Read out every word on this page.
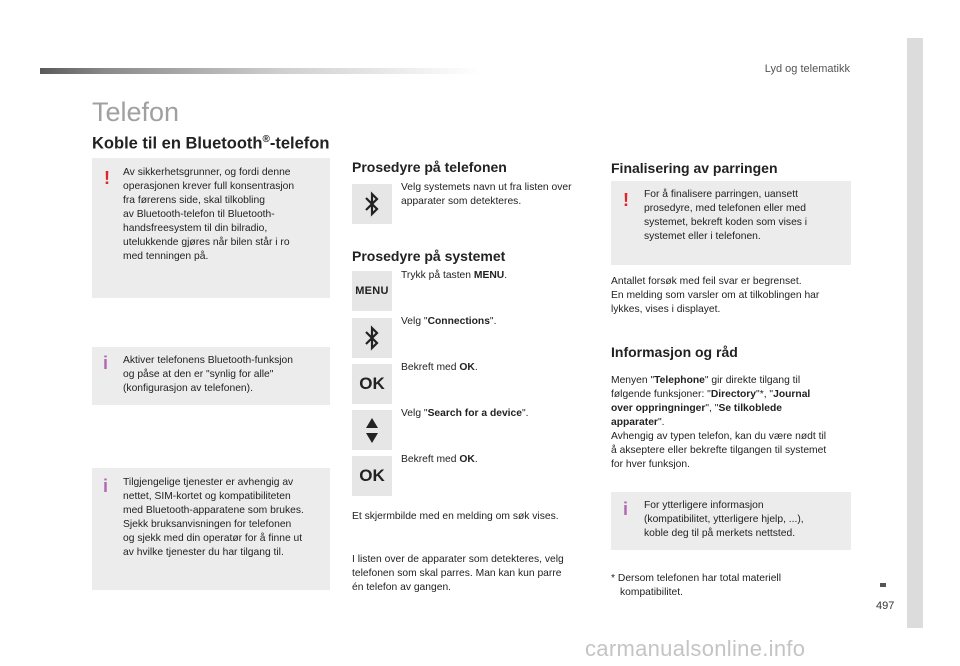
Lyd og telematikk
497
Telefon
Koble til en Bluetooth®-telefon
! Av sikkerhetsgrunner, og fordi denne
operasjonen krever full konsentrasjon
fra førerens side, skal tilkobling
av Bluetooth-telefon til Bluetooth-
handsfreesystem til din bilradio,
utelukkende gjøres når bilen står i ro
med tenningen på.
i Aktiver telefonens Bluetooth-funksjon
og påse at den er "synlig for alle"
(konfigurasjon av telefonen).
i Tilgjengelige tjenester er avhengig av
nettet, SIM-kortet og kompatibiliteten
med Bluetooth-apparatene som brukes.
Sjekk bruksanvisningen for telefonen
og sjekk med din operatør for å finne ut
av hvilke tjenester du har tilgang til.
Prosedyre på telefonen
Velg systemets navn ut fra listen over
apparater som detekteres.
Prosedyre på systemet
MENU
Trykk på tasten MENU.
Velg "Connections".
OK
Bekreft med OK.
Velg "Search for a device".
OK
Bekreft med OK.
Et skjermbilde med en melding om søk vises.
I listen over de apparater som detekteres, velg
telefonen som skal parres. Man kan kun parre
én telefon av gangen.
Finalisering av parringen
! For å finalisere parringen, uansett
prosedyre, med telefonen eller med
systemet, bekreft koden som vises i
systemet eller i telefonen.
Antallet forsøk med feil svar er begrenset.
En melding som varsler om at tilkoblingen har
lykkes, vises i displayet.
Informasjon og råd
Menyen "Telephone" gir direkte tilgang til
følgende funksjoner: "Directory"*, "Journal
over oppringninger", "Se tilkoblede
apparater".
Avhengig av typen telefon, kan du være nødt til
å akseptere eller bekrefte tilgangen til systemet
for hver funksjon.
i For ytterligere informasjon
(kompatibilitet, ytterligere hjelp, ...),
koble deg til på merkets nettsted.
* Dersom telefonen har total materiell
kompatibilitet.
carmanualsonline.info
